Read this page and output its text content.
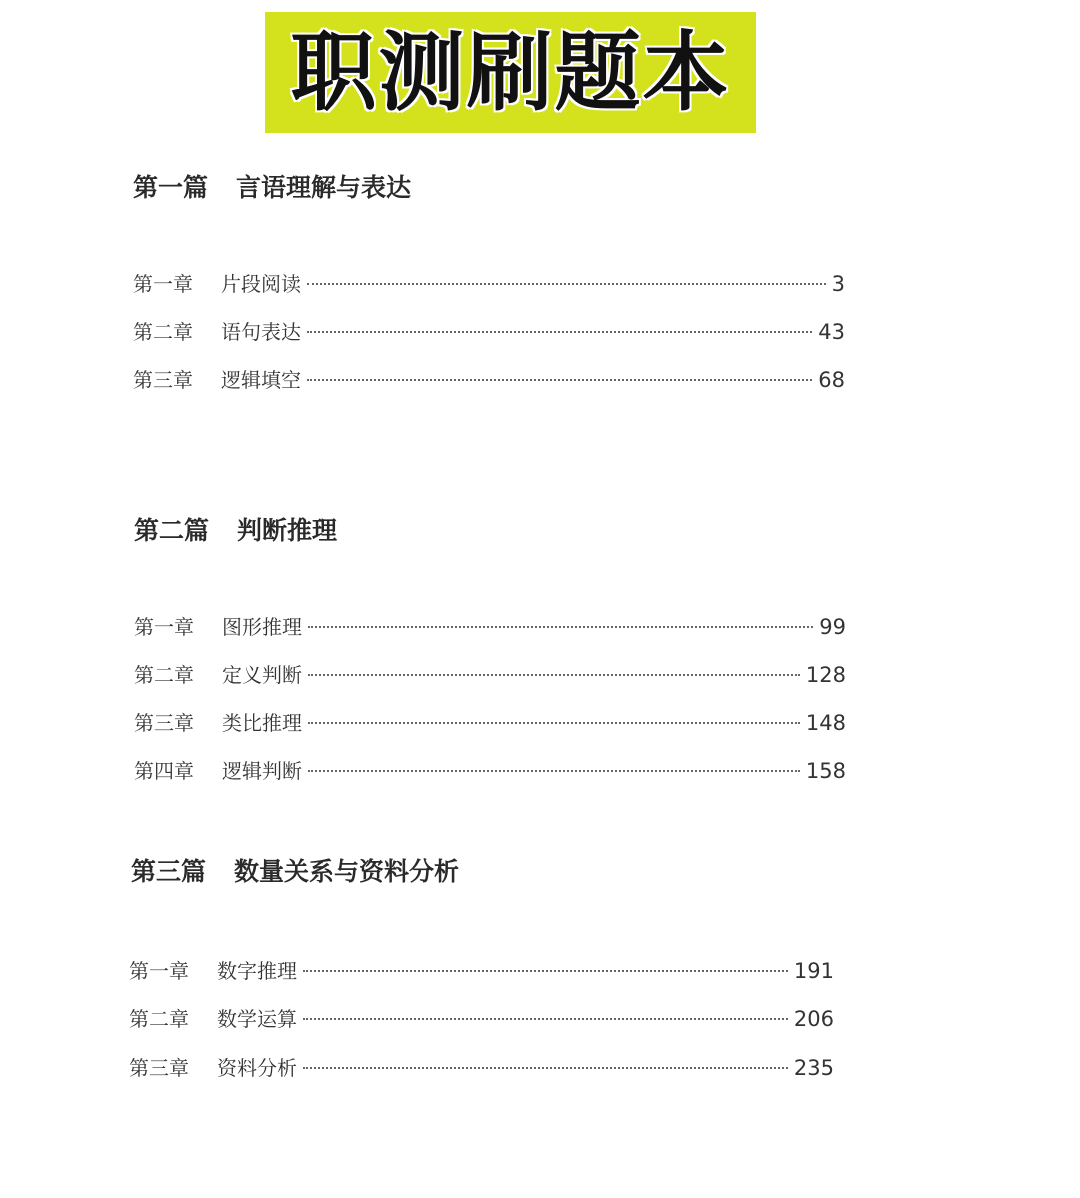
职测刷题本
第一篇 言语理解与表达
第一章	片段阅读	3
第二章	语句表达	43
第三章	逻辑填空	68
第二篇 判断推理
第一章	图形推理	99
第二章	定义判断	128
第三章	类比推理	148
第四章	逻辑判断	158
第三篇 数量关系与资料分析
第一章	数字推理	191
第二章	数学运算	206
第三章	资料分析	235
